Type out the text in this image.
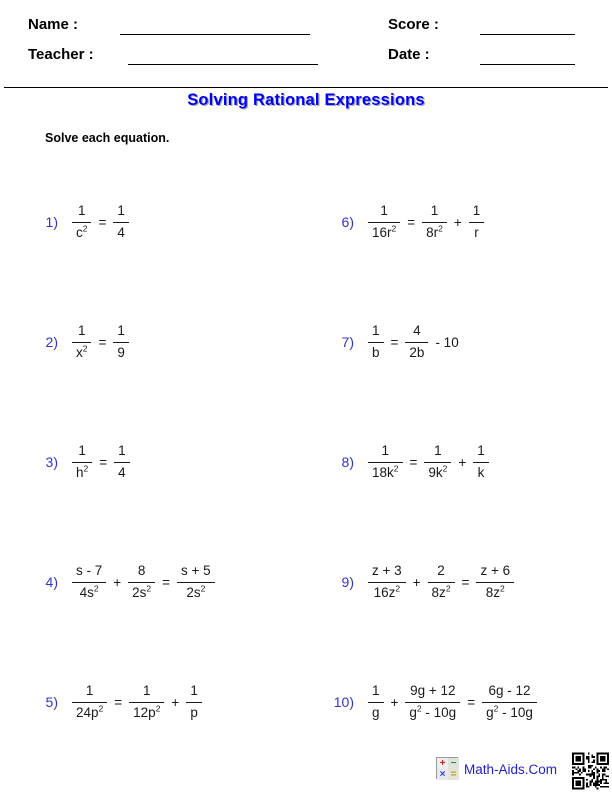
Name :	Score :
Teacher :	Date :
Solving Rational Expressions
Solve each equation.
$1) \frac{1}{c^2} = \frac{1}{4}$
$2) \frac{1}{x^2} = \frac{1}{9}$
$3) \frac{1}{h^2} = \frac{1}{4}$
$4) \frac{s - 7}{4s^2} + \frac{8}{2s^2} = \frac{s + 5}{2s^2}$
$5) \frac{1}{24p^2} = \frac{1}{12p^2} + \frac{1}{p}$
$6) \frac{1}{16r^2} = \frac{1}{8r^2} + \frac{1}{r}$
$7) \frac{1}{b} = \frac{4}{2b} - 10$
$8) \frac{1}{18k^2} = \frac{1}{9k^2} + \frac{1}{k}$
$9) \frac{z + 3}{16z^2} + \frac{2}{8z^2} = \frac{z + 6}{8z^2}$
$10) \frac{1}{g} + \frac{9g + 12}{g^2 - 10g} = \frac{6g - 12}{g^2 - 10g}$
+ −
× = Math-Aids.Com
